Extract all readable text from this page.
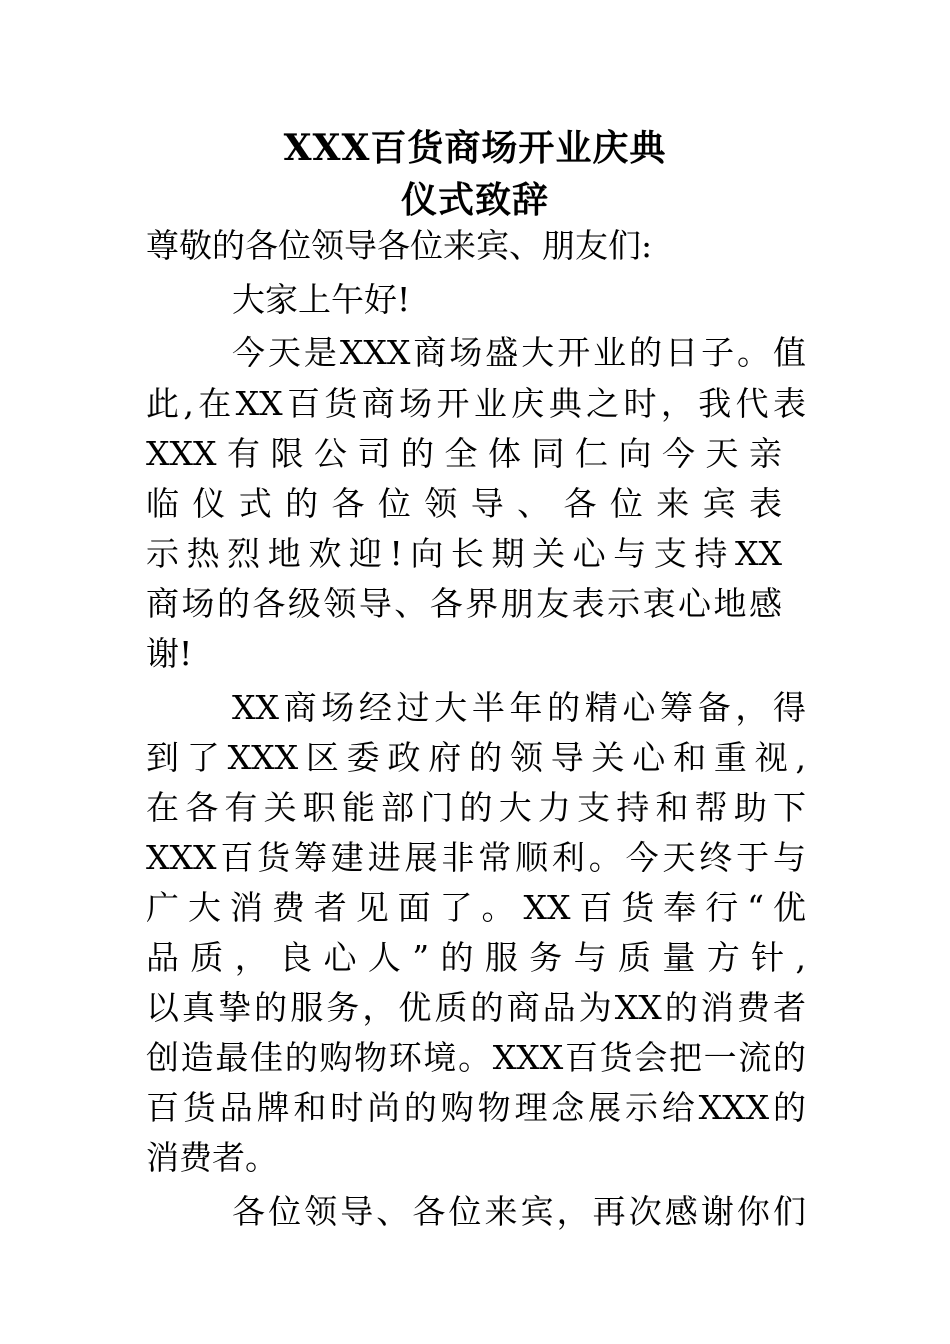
XXX百货商场开业庆典
仪式致辞
尊敬的各位领导各位来宾、朋友们:
大家上午好!
今天是XXX商场盛大开业的日子。值
此,在XX百货商场开业庆典之时，我代表
XXX有限公司的全体同仁向今天亲
临仪式的各位领导、各位来宾表
示热烈地欢迎!向长期关心与支持XX
商场的各级领导、各界朋友表示衷心地感
谢!
XX商场经过大半年的精心筹备，得
到了XXX区委政府的领导关心和重视,
在各有关职能部门的大力支持和帮助下
XXX百货筹建进展非常顺利。今天终于与
广大消费者见面了。XX百货奉行“优
品质，良心人”的服务与质量方针,
以真挚的服务，优质的商品为XX的消费者
创造最佳的购物环境。XXX百货会把一流的
百货品牌和时尚的购物理念展示给XXX的
消费者。
各位领导、各位来宾，再次感谢你们
